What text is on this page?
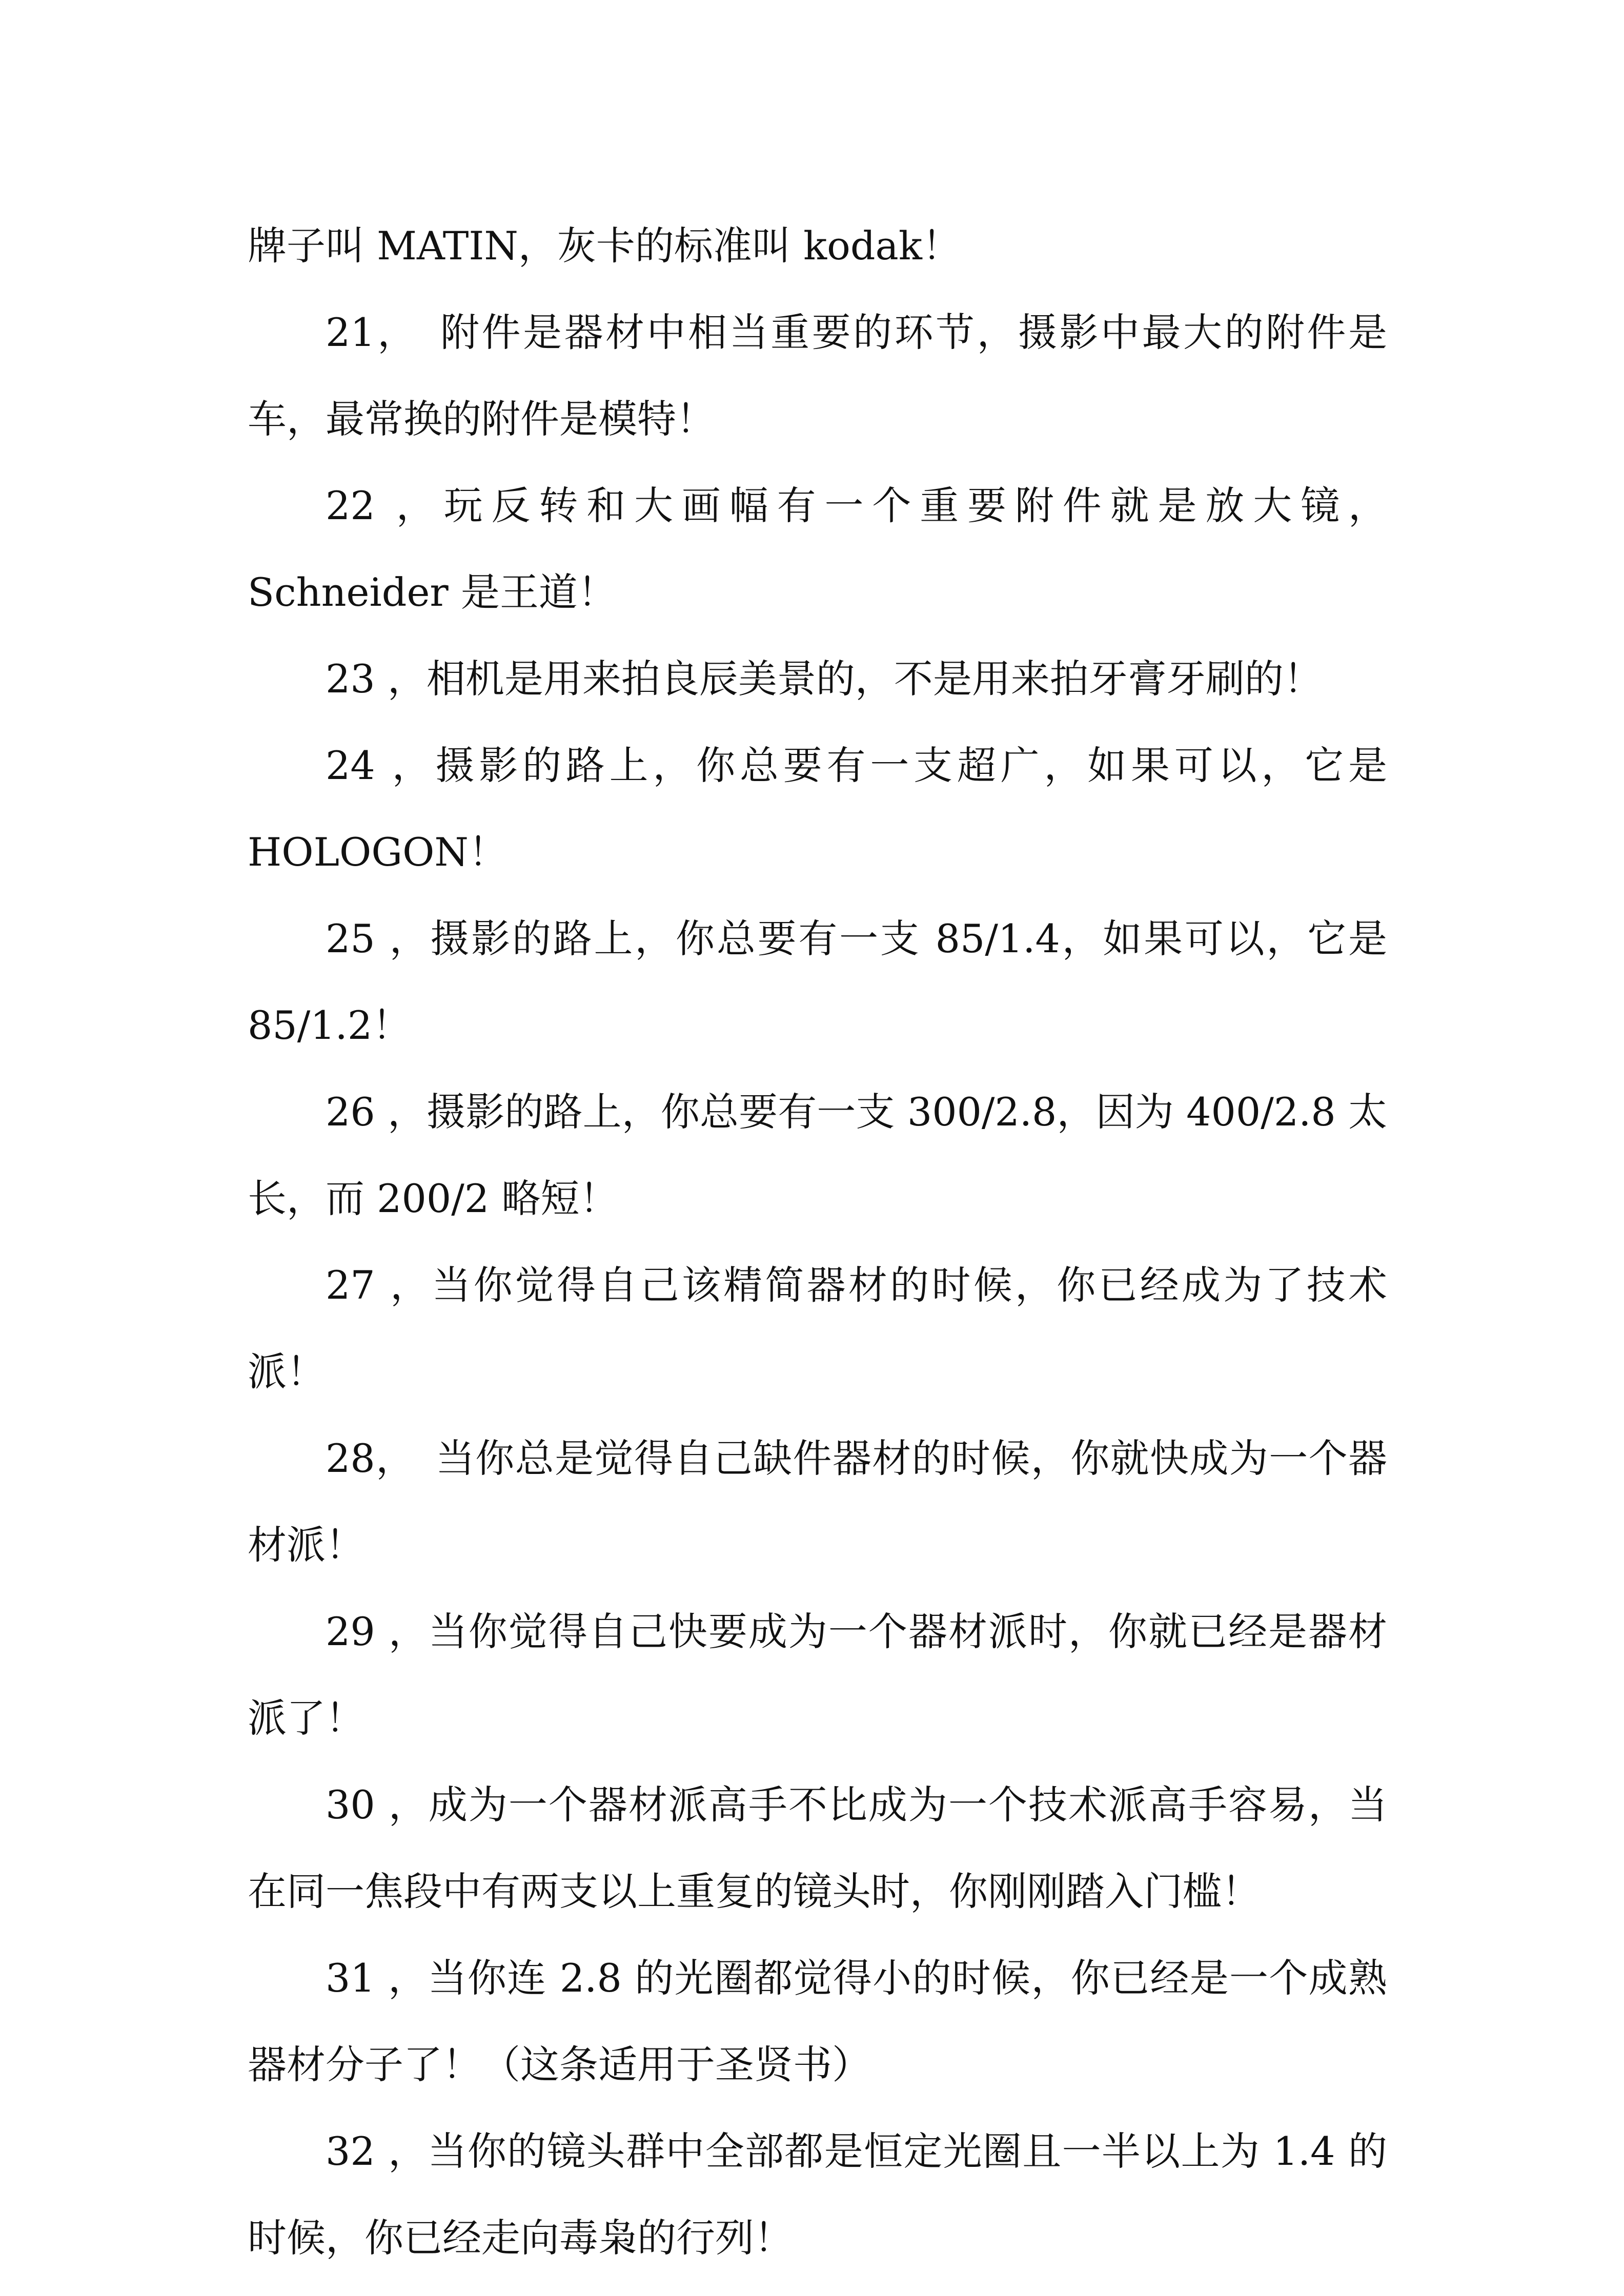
牌子叫 MATIN，灰卡的标准叫 kodak！

21，　附件是器材中相当重要的环节，摄影中最大的附件是车，最常换的附件是模特！

22 ，玩反转和大画幅有一个重要附件就是放大镜，Schneider 是王道！

23 ，相机是用来拍良辰美景的，不是用来拍牙膏牙刷的！

24 ，摄影的路上，你总要有一支超广，如果可以，它是 HOLOGON！

25 ，摄影的路上，你总要有一支 85/1.4，如果可以，它是 85/1.2！

26 ，摄影的路上，你总要有一支 300/2.8，因为 400/2.8 太长，而 200/2 略短！

27 ，当你觉得自己该精简器材的时候，你已经成为了技术派！

28，　当你总是觉得自己缺件器材的时候，你就快成为一个器材派！

29 ，当你觉得自己快要成为一个器材派时，你就已经是器材派了！

30 ，成为一个器材派高手不比成为一个技术派高手容易，当在同一焦段中有两支以上重复的镜头时，你刚刚踏入门槛！

31 ，当你连 2.8 的光圈都觉得小的时候，你已经是一个成熟器材分子了！（这条适用于圣贤书）

32 ，当你的镜头群中全部都是恒定光圈且一半以上为 1.4 的时候，你已经走向毒枭的行列！
